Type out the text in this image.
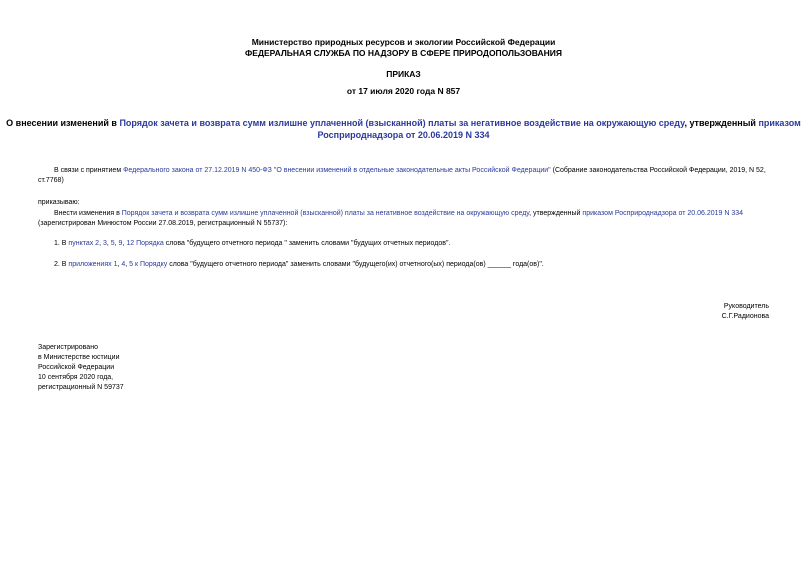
Министерство природных ресурсов и экологии Российской Федерации
ФЕДЕРАЛЬНАЯ СЛУЖБА ПО НАДЗОРУ В СФЕРЕ ПРИРОДОПОЛЬЗОВАНИЯ
ПРИКАЗ
от 17 июля 2020 года N 857
О внесении изменений в Порядок зачета и возврата сумм излишне уплаченной (взысканной) платы за негативное воздействие на окружающую среду, утвержденный приказом Росприроднадзора от 20.06.2019 N 334
В связи с принятием Федерального закона от 27.12.2019 N 450-ФЗ "О внесении изменений в отдельные законодательные акты Российской Федерации" (Собрание законодательства Российской Федерации, 2019, N 52, ст.7768)
приказываю:
Внести изменения в Порядок зачета и возврата сумм излишне уплаченной (взысканной) платы за негативное воздействие на окружающую среду, утвержденный приказом Росприроднадзора от 20.06.2019 N 334 (зарегистрирован Минюстом России 27.08.2019, регистрационный N 55737):
1. В пунктах 2, 3, 5, 9, 12 Порядка слова "будущего отчетного периода " заменить словами "будущих отчетных периодов".
2. В приложениях 1, 4, 5 к Порядку слова "будущего отчетного периода" заменить словами "будущего(их) отчетного(ых) периода(ов) ______ года(ов)".
Руководитель
С.Г.Радионова
Зарегистрировано
в Министерстве юстиции
Российской Федерации
10 сентября 2020 года,
регистрационный N 59737
